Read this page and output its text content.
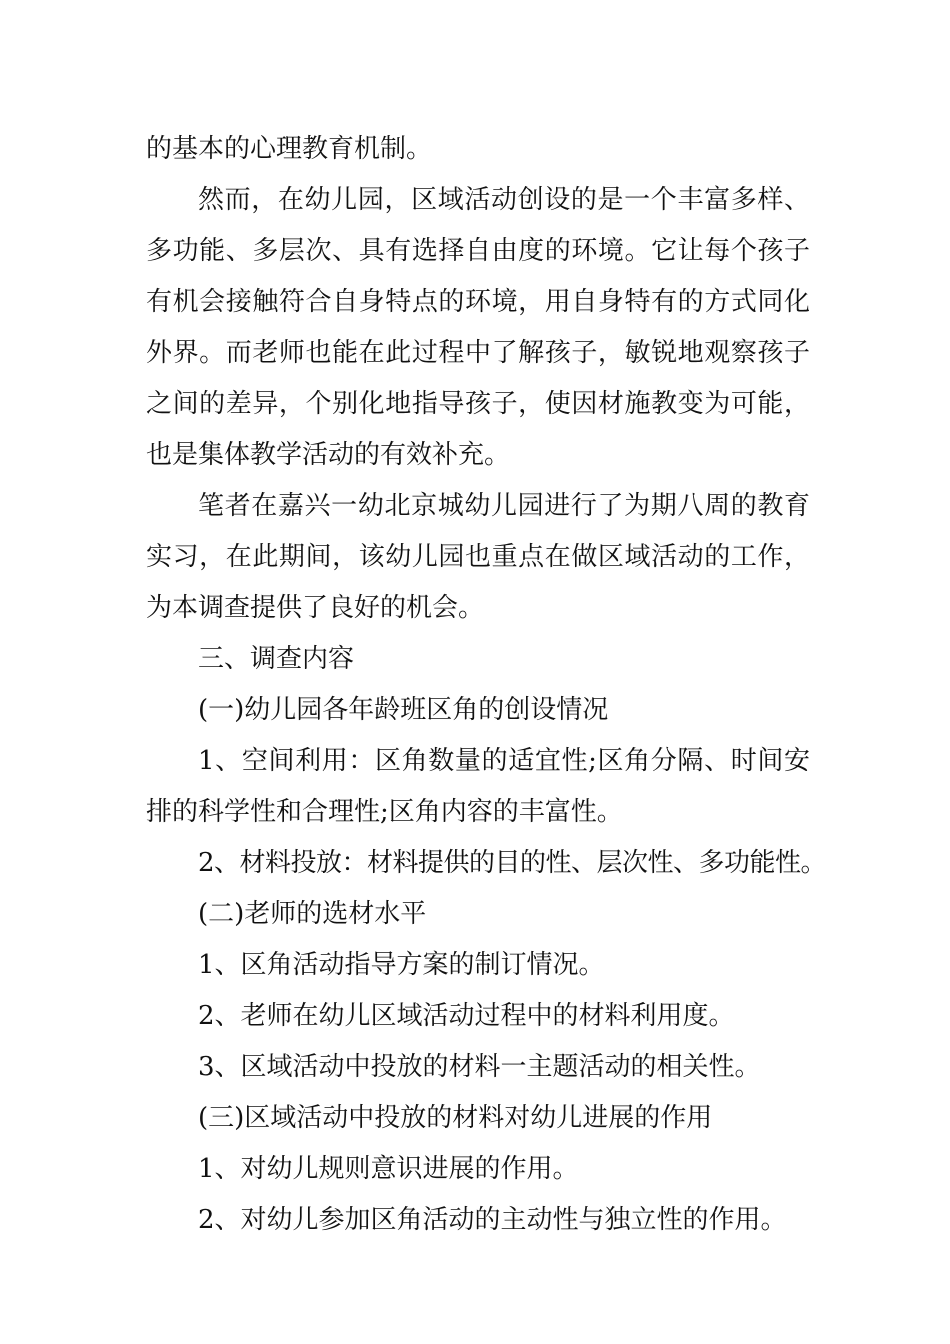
的基本的心理教育机制。

然而，在幼儿园，区域活动创设的是一个丰富多样、多功能、多层次、具有选择自由度的环境。它让每个孩子有机会接触符合自身特点的环境，用自身特有的方式同化外界。而老师也能在此过程中了解孩子，敏锐地观察孩子之间的差异，个别化地指导孩子，使因材施教变为可能，也是集体教学活动的有效补充。

笔者在嘉兴一幼北京城幼儿园进行了为期八周的教育实习，在此期间，该幼儿园也重点在做区域活动的工作，为本调查提供了良好的机会。

三、调查内容

(一)幼儿园各年龄班区角的创设情况

1、空间利用：区角数量的适宜性;区角分隔、时间安排的科学性和合理性;区角内容的丰富性。

2、材料投放：材料提供的目的性、层次性、多功能性。

(二)老师的选材水平

1、区角活动指导方案的制订情况。

2、老师在幼儿区域活动过程中的材料利用度。

3、区域活动中投放的材料一主题活动的相关性。

(三)区域活动中投放的材料对幼儿进展的作用

1、对幼儿规则意识进展的作用。

2、对幼儿参加区角活动的主动性与独立性的作用。
